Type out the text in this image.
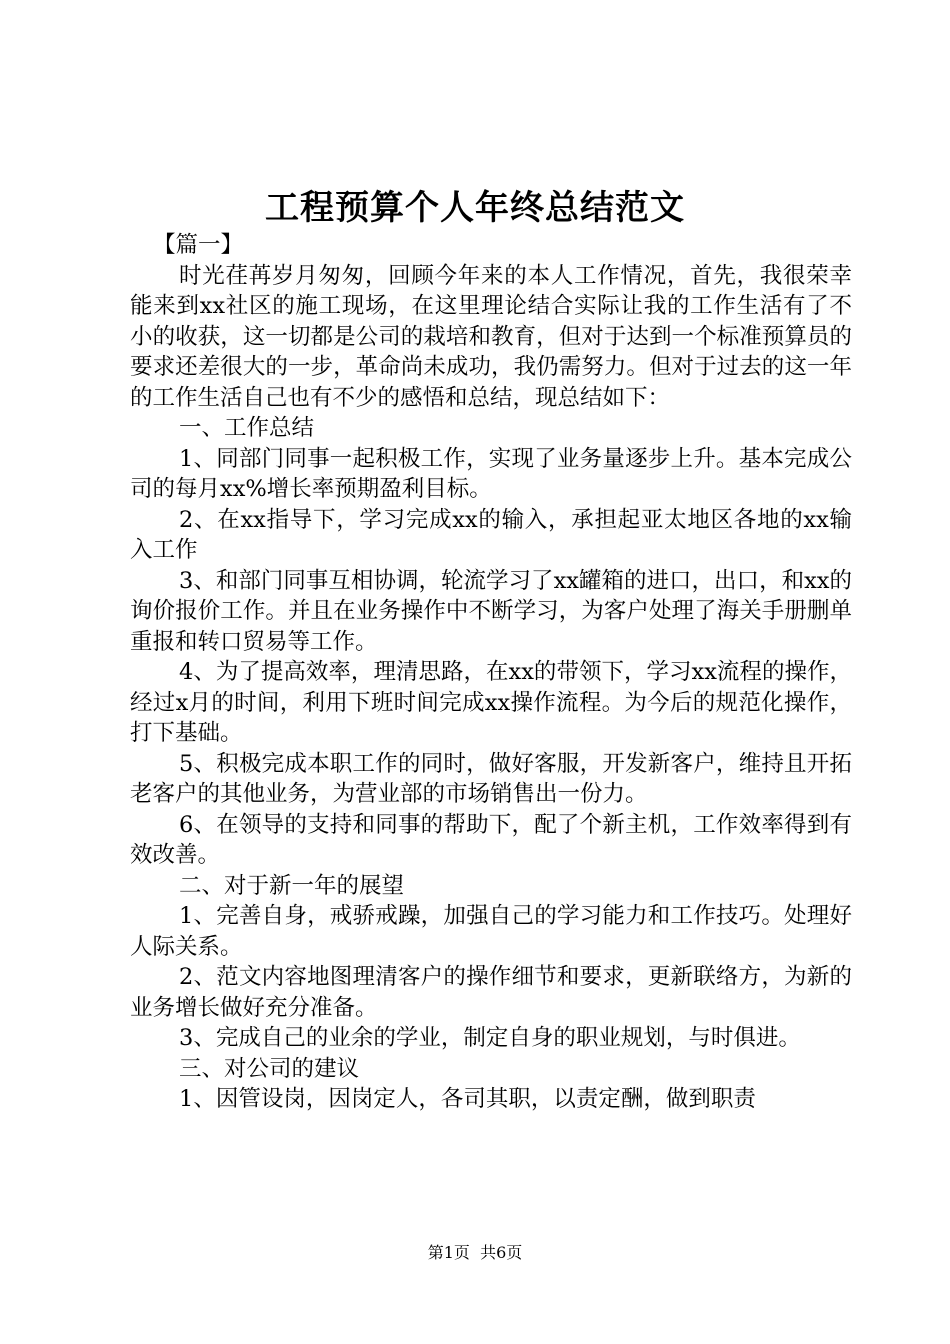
工程预算个人年终总结范文

【篇一】

时光荏苒岁月匆匆，回顾今年来的本人工作情况，首先，我很荣幸能来到xx社区的施工现场，在这里理论结合实际让我的工作生活有了不小的收获，这一切都是公司的栽培和教育，但对于达到一个标准预算员的要求还差很大的一步，革命尚未成功，我仍需努力。但对于过去的这一年的工作生活自己也有不少的感悟和总结，现总结如下：

一、工作总结

1、同部门同事一起积极工作，实现了业务量逐步上升。基本完成公司的每月xx%增长率预期盈利目标。

2、在xx指导下，学习完成xx的输入，承担起亚太地区各地的xx输入工作

3、和部门同事互相协调，轮流学习了xx罐箱的进口，出口，和xx的询价报价工作。并且在业务操作中不断学习，为客户处理了海关手册删单重报和转口贸易等工作。

4、为了提高效率，理清思路，在xx的带领下，学习xx流程的操作，经过x月的时间，利用下班时间完成xx操作流程。为今后的规范化操作，打下基础。

5、积极完成本职工作的同时，做好客服，开发新客户，维持且开拓老客户的其他业务，为营业部的市场销售出一份力。

6、在领导的支持和同事的帮助下，配了个新主机，工作效率得到有效改善。

二、对于新一年的展望

1、完善自身，戒骄戒躁，加强自己的学习能力和工作技巧。处理好人际关系。

2、范文内容地图理清客户的操作细节和要求，更新联络方，为新的业务增长做好充分准备。

3、完成自己的业余的学业，制定自身的职业规划，与时俱进。

三、对公司的建议

1、因管设岗，因岗定人，各司其职，以责定酬，做到职责

第1页  共6页
